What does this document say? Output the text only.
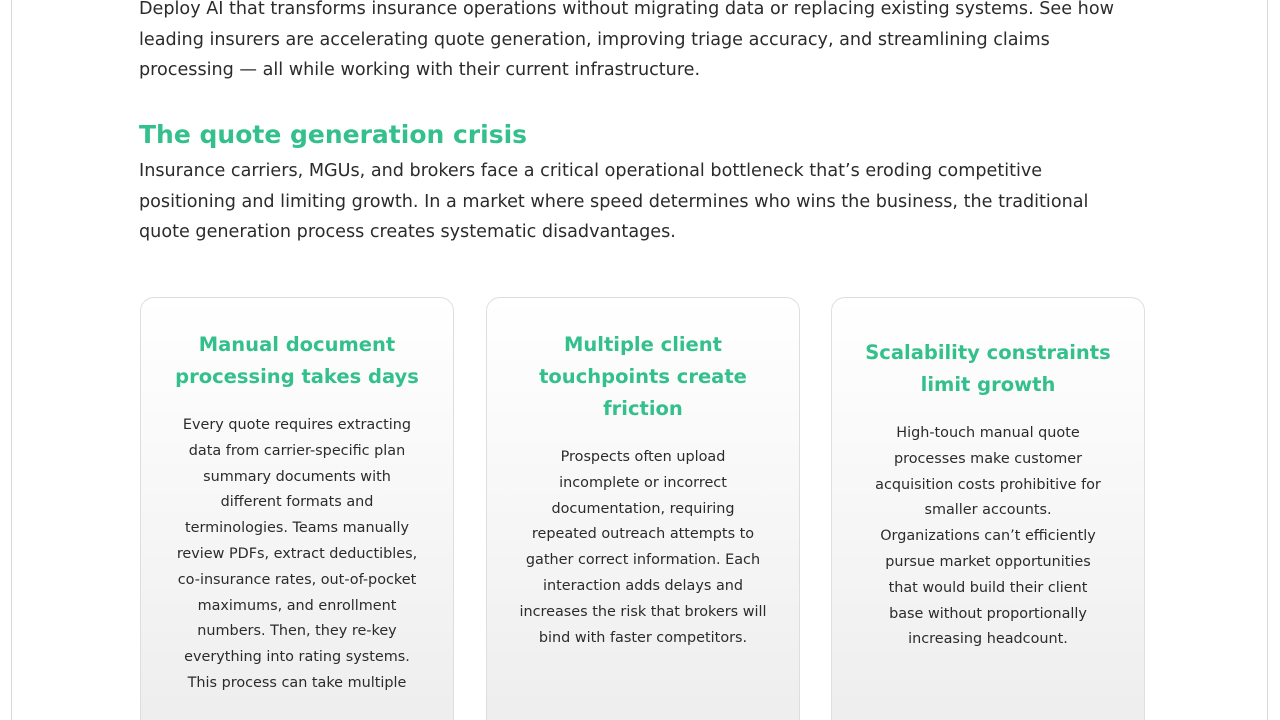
Deploy AI that transforms insurance operations without migrating data or replacing existing systems. See how leading insurers are accelerating quote generation, improving triage accuracy, and streamlining claims processing — all while working with their current infrastructure.

The quote generation crisis

Insurance carriers, MGUs, and brokers face a critical operational bottleneck that’s eroding competitive positioning and limiting growth. In a market where speed determines who wins the business, the traditional quote generation process creates systematic disadvantages.

Manual document processing takes days

Every quote requires extracting data from carrier-specific plan summary documents with different formats and terminologies. Teams manually review PDFs, extract deductibles, co-insurance rates, out-of-pocket maximums, and enrollment numbers. Then, they re-key everything into rating systems. This process can take multiple

Multiple client touchpoints create friction

Prospects often upload incomplete or incorrect documentation, requiring repeated outreach attempts to gather correct information. Each interaction adds delays and increases the risk that brokers will bind with faster competitors.

Scalability constraints limit growth

High-touch manual quote processes make customer acquisition costs prohibitive for smaller accounts. Organizations can’t efficiently pursue market opportunities that would build their client base without proportionally increasing headcount.
